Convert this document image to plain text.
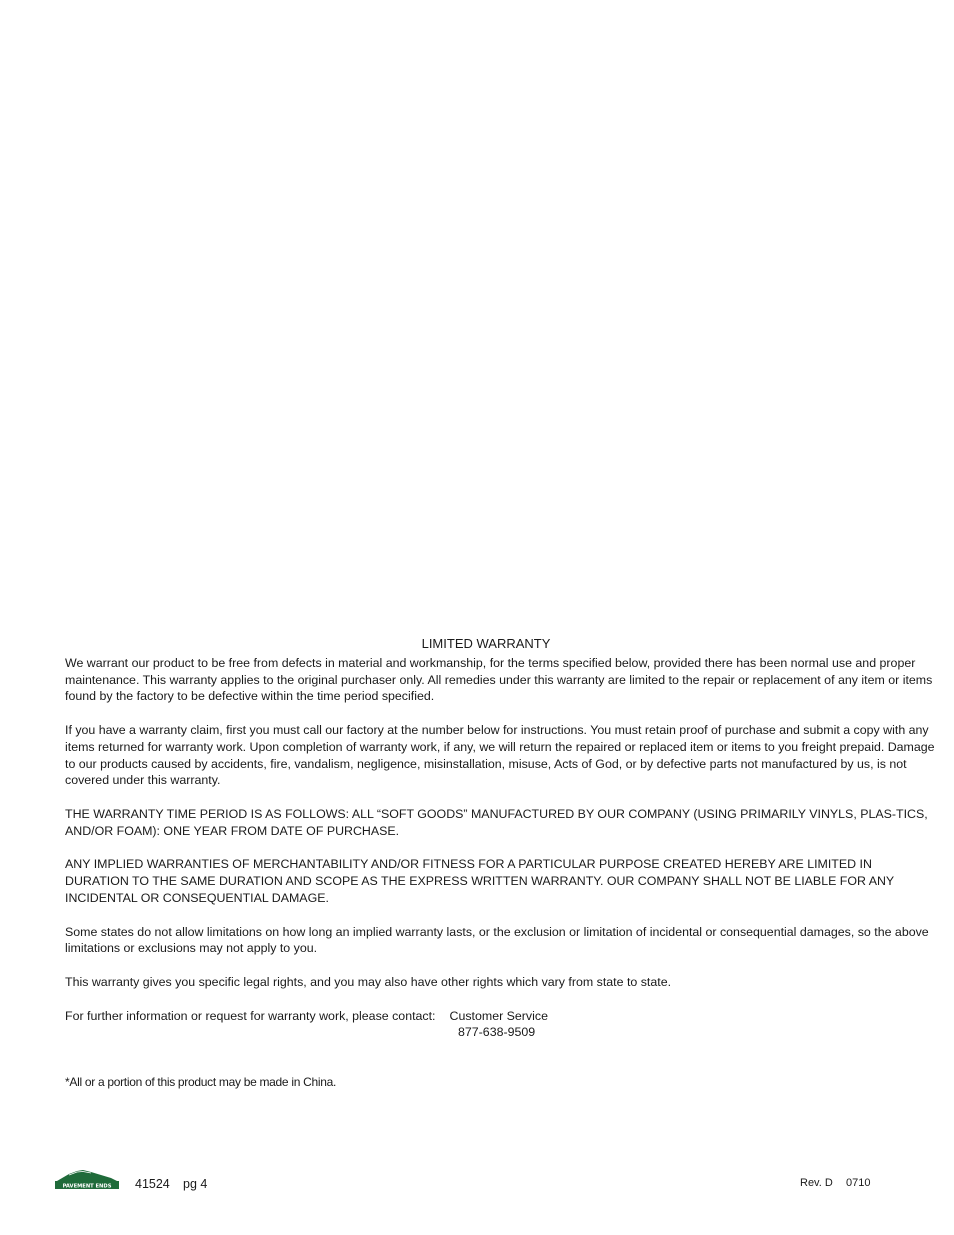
LIMITED WARRANTY

We warrant our product to be free from defects in material and workmanship, for the terms specified below, provided there has been normal use and proper maintenance. This warranty applies to the original purchaser only. All remedies under this warranty are limited to the repair or replacement of any item or items found by the factory to be defective within the time period specified.

If you have a warranty claim, first you must call our factory at the number below for instructions. You must retain proof of purchase and submit a copy with any items returned for warranty work. Upon completion of warranty work, if any, we will return the repaired or replaced item or items to you freight prepaid. Damage to our products caused by accidents, fire, vandalism, negligence, misinstallation, misuse, Acts of God, or by defective parts not manufactured by us, is not covered under this warranty.

THE WARRANTY TIME PERIOD IS AS FOLLOWS: ALL “SOFT GOODS” MANUFACTURED BY OUR COMPANY (USING PRIMARILY VINYLS, PLAS-TICS, AND/OR FOAM): ONE YEAR FROM DATE OF PURCHASE.

ANY IMPLIED WARRANTIES OF MERCHANTABILITY AND/OR FITNESS FOR A PARTICULAR PURPOSE CREATED HEREBY ARE LIMITED IN DURATION TO THE SAME DURATION AND SCOPE AS THE EXPRESS WRITTEN WARRANTY. OUR COMPANY SHALL NOT BE LIABLE FOR ANY INCIDENTAL OR CONSEQUENTIAL DAMAGE.

Some states do not allow limitations on how long an implied warranty lasts, or the exclusion or limitation of incidental or consequential damages, so the above limitations or exclusions may not apply to you.

This warranty gives you specific legal rights, and you may also have other rights which vary from state to state.

For further information or request for warranty work, please contact: Customer Service
877-638-9509
*All or a portion of this product may be made in China.
PAVEMENT ENDS 41524 pg 4	Rev. D 0710
